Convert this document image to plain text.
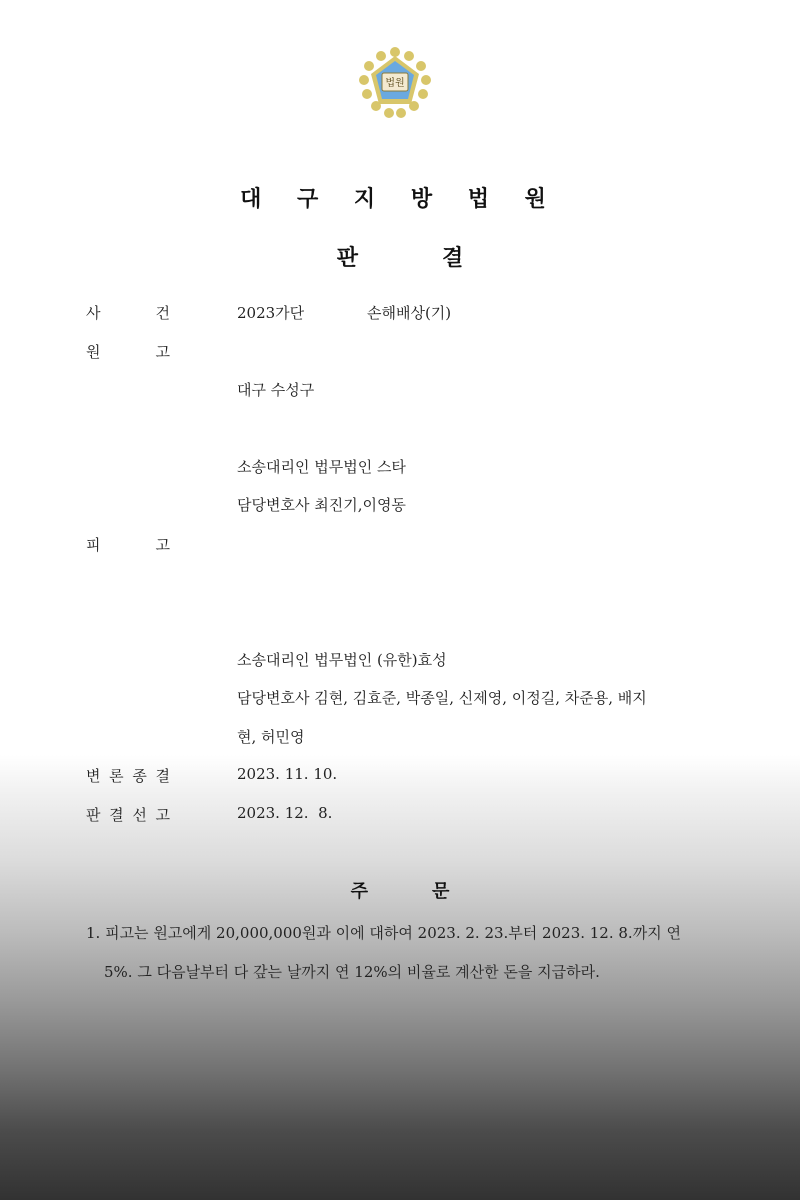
법원
대 구 지 방 법 원
판	결
사	건	2023가단	손해배상(기)
원	고
대구 수성구
소송대리인 법무법인 스타
담당변호사 최진기,이영동
피	고
소송대리인 법무법인 (유한)효성
담당변호사 김현, 김효준, 박종일, 신제영, 이정길, 차준용, 배지
현, 허민영
변 론 종 결	2023. 11. 10.
판 결 선 고	2023. 12.  8.
주	문
1. 피고는 원고에게 20,000,000원과 이에 대하여 2023. 2. 23.부터 2023. 12. 8.까지 연
5%. 그 다음날부터 다 갚는 날까지 연 12%의 비율로 계산한 돈을 지급하라.
